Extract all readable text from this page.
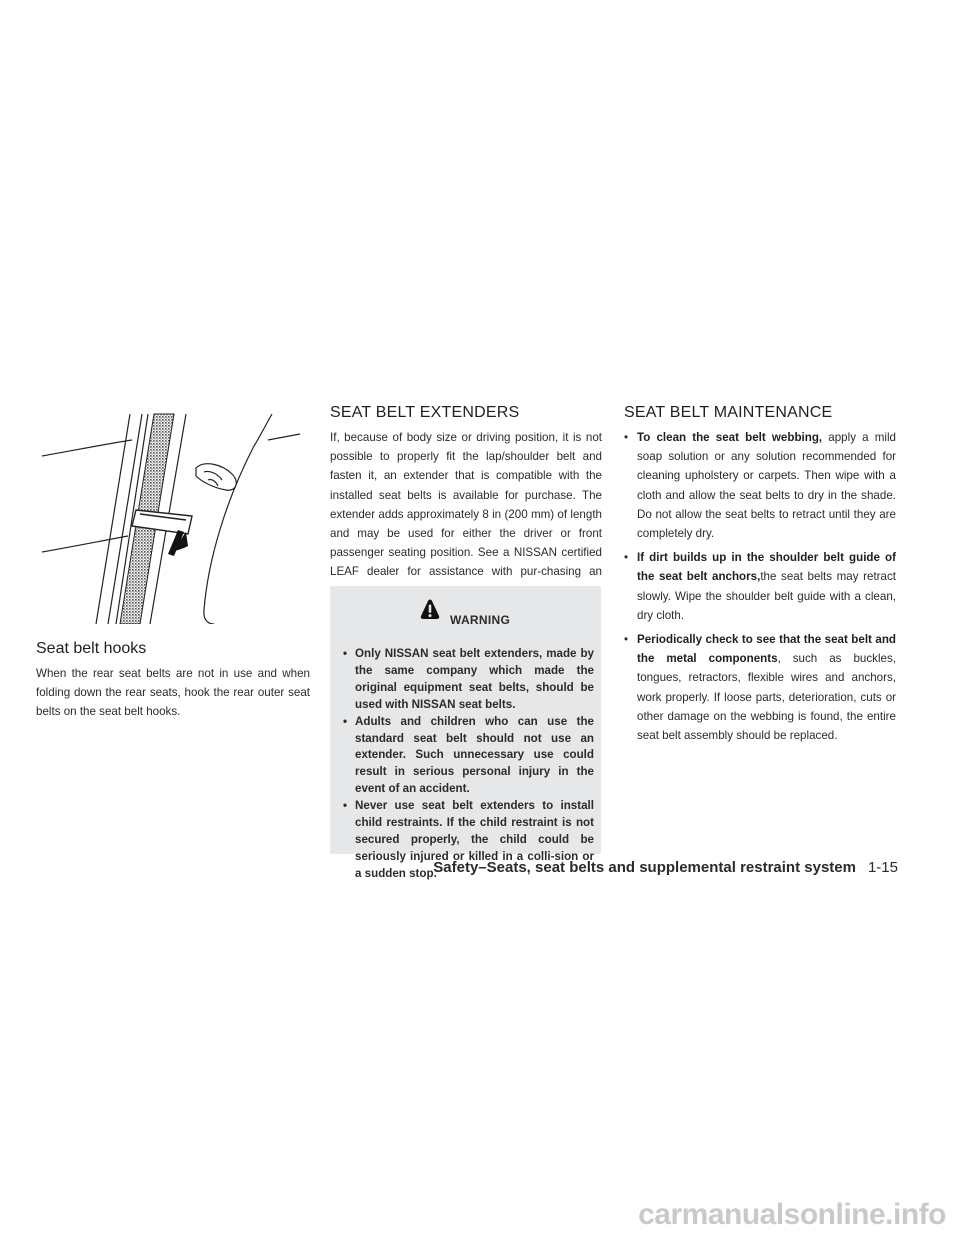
Seat belt hooks

When the rear seat belts are not in use and when folding down the rear seats, hook the rear outer seat belts on the seat belt hooks.

SEAT BELT EXTENDERS

If, because of body size or driving position, it is not possible to properly fit the lap/shoulder belt and fasten it, an extender that is compatible with the installed seat belts is available for purchase. The extender adds approximately 8 in (200 mm) of length and may be used for either the driver or front passenger seating position. See a NISSAN certified LEAF dealer for assistance with pur-chasing an

WARNING
• Only NISSAN seat belt extenders, made by the same company which made the original equipment seat belts, should be used with NISSAN seat belts.
• Adults and children who can use the standard seat belt should not use an extender. Such unnecessary use could result in serious personal injury in the event of an accident.
• Never use seat belt extenders to install child restraints. If the child restraint is not secured properly, the child could be seriously injured or killed in a colli-sion or a sudden stop.
SEAT BELT MAINTENANCE
• To clean the seat belt webbing, apply a mild soap solution or any solution recommended for cleaning upholstery or carpets. Then wipe with a cloth and allow the seat belts to dry in the shade. Do not allow the seat belts to retract until they are completely dry.
• If dirt builds up in the shoulder belt guide of the seat belt anchors,the seat belts may retract slowly. Wipe the shoulder belt guide with a clean, dry cloth.
• Periodically check to see that the seat belt and the metal components, such as buckles, tongues, retractors, flexible wires and anchors, work properly. If loose parts, deterioration, cuts or other damage on the webbing is found, the entire seat belt assembly should be replaced.
Safety–Seats, seat belts and supplemental restraint system 1-15
carmanualsonline.info
